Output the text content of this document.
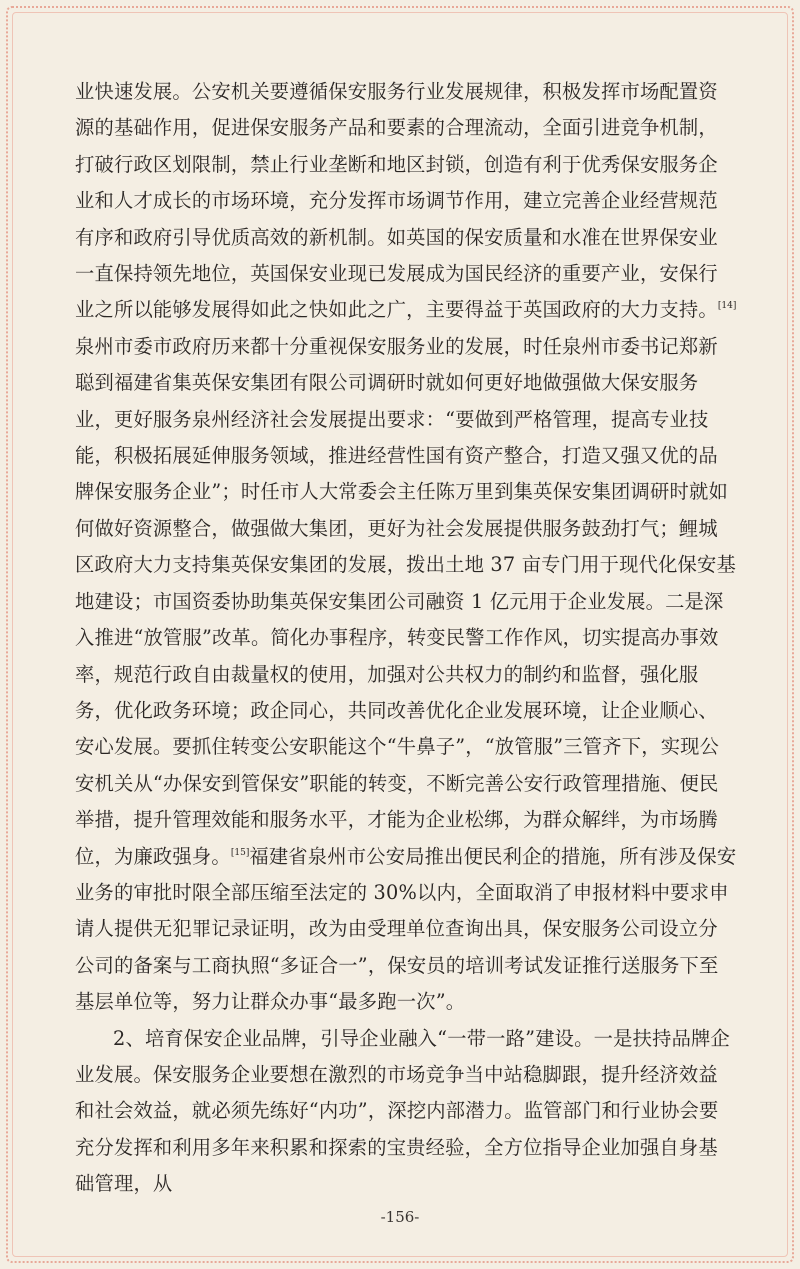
业快速发展。公安机关要遵循保安服务行业发展规律，积极发挥市场配置资源的基础作用，促进保安服务产品和要素的合理流动，全面引进竞争机制，打破行政区划限制，禁止行业垄断和地区封锁，创造有利于优秀保安服务企业和人才成长的市场环境，充分发挥市场调节作用，建立完善企业经营规范有序和政府引导优质高效的新机制。如英国的保安质量和水准在世界保安业一直保持领先地位，英国保安业现已发展成为国民经济的重要产业，安保行业之所以能够发展得如此之快如此之广，主要得益于英国政府的大力支持。[14]泉州市委市政府历来都十分重视保安服务业的发展，时任泉州市委书记郑新聪到福建省集英保安集团有限公司调研时就如何更好地做强做大保安服务业，更好服务泉州经济社会发展提出要求：“要做到严格管理，提高专业技能，积极拓展延伸服务领域，推进经营性国有资产整合，打造又强又优的品牌保安服务企业”；时任市人大常委会主任陈万里到集英保安集团调研时就如何做好资源整合，做强做大集团，更好为社会发展提供服务鼓劲打气；鲤城区政府大力支持集英保安集团的发展，拨出土地 37 亩专门用于现代化保安基地建设；市国资委协助集英保安集团公司融资 1 亿元用于企业发展。二是深入推进“放管服”改革。简化办事程序，转变民警工作作风，切实提高办事效率，规范行政自由裁量权的使用，加强对公共权力的制约和监督，强化服务，优化政务环境；政企同心，共同改善优化企业发展环境，让企业顺心、安心发展。要抓住转变公安职能这个“牛鼻子”，“放管服”三管齐下，实现公安机关从“办保安到管保安”职能的转变，不断完善公安行政管理措施、便民举措，提升管理效能和服务水平，才能为企业松绑，为群众解绊，为市场腾位，为廉政强身。[15]福建省泉州市公安局推出便民利企的措施，所有涉及保安业务的审批时限全部压缩至法定的 30%以内，全面取消了申报材料中要求申请人提供无犯罪记录证明，改为由受理单位查询出具，保安服务公司设立分公司的备案与工商执照“多证合一”，保安员的培训考试发证推行送服务下至基层单位等，努力让群众办事“最多跑一次”。

2、培育保安企业品牌，引导企业融入“一带一路”建设。一是扶持品牌企业发展。保安服务企业要想在激烈的市场竞争当中站稳脚跟，提升经济效益和社会效益，就必须先练好“内功”，深挖内部潜力。监管部门和行业协会要充分发挥和利用多年来积累和探索的宝贵经验，全方位指导企业加强自身基础管理，从

-156-
